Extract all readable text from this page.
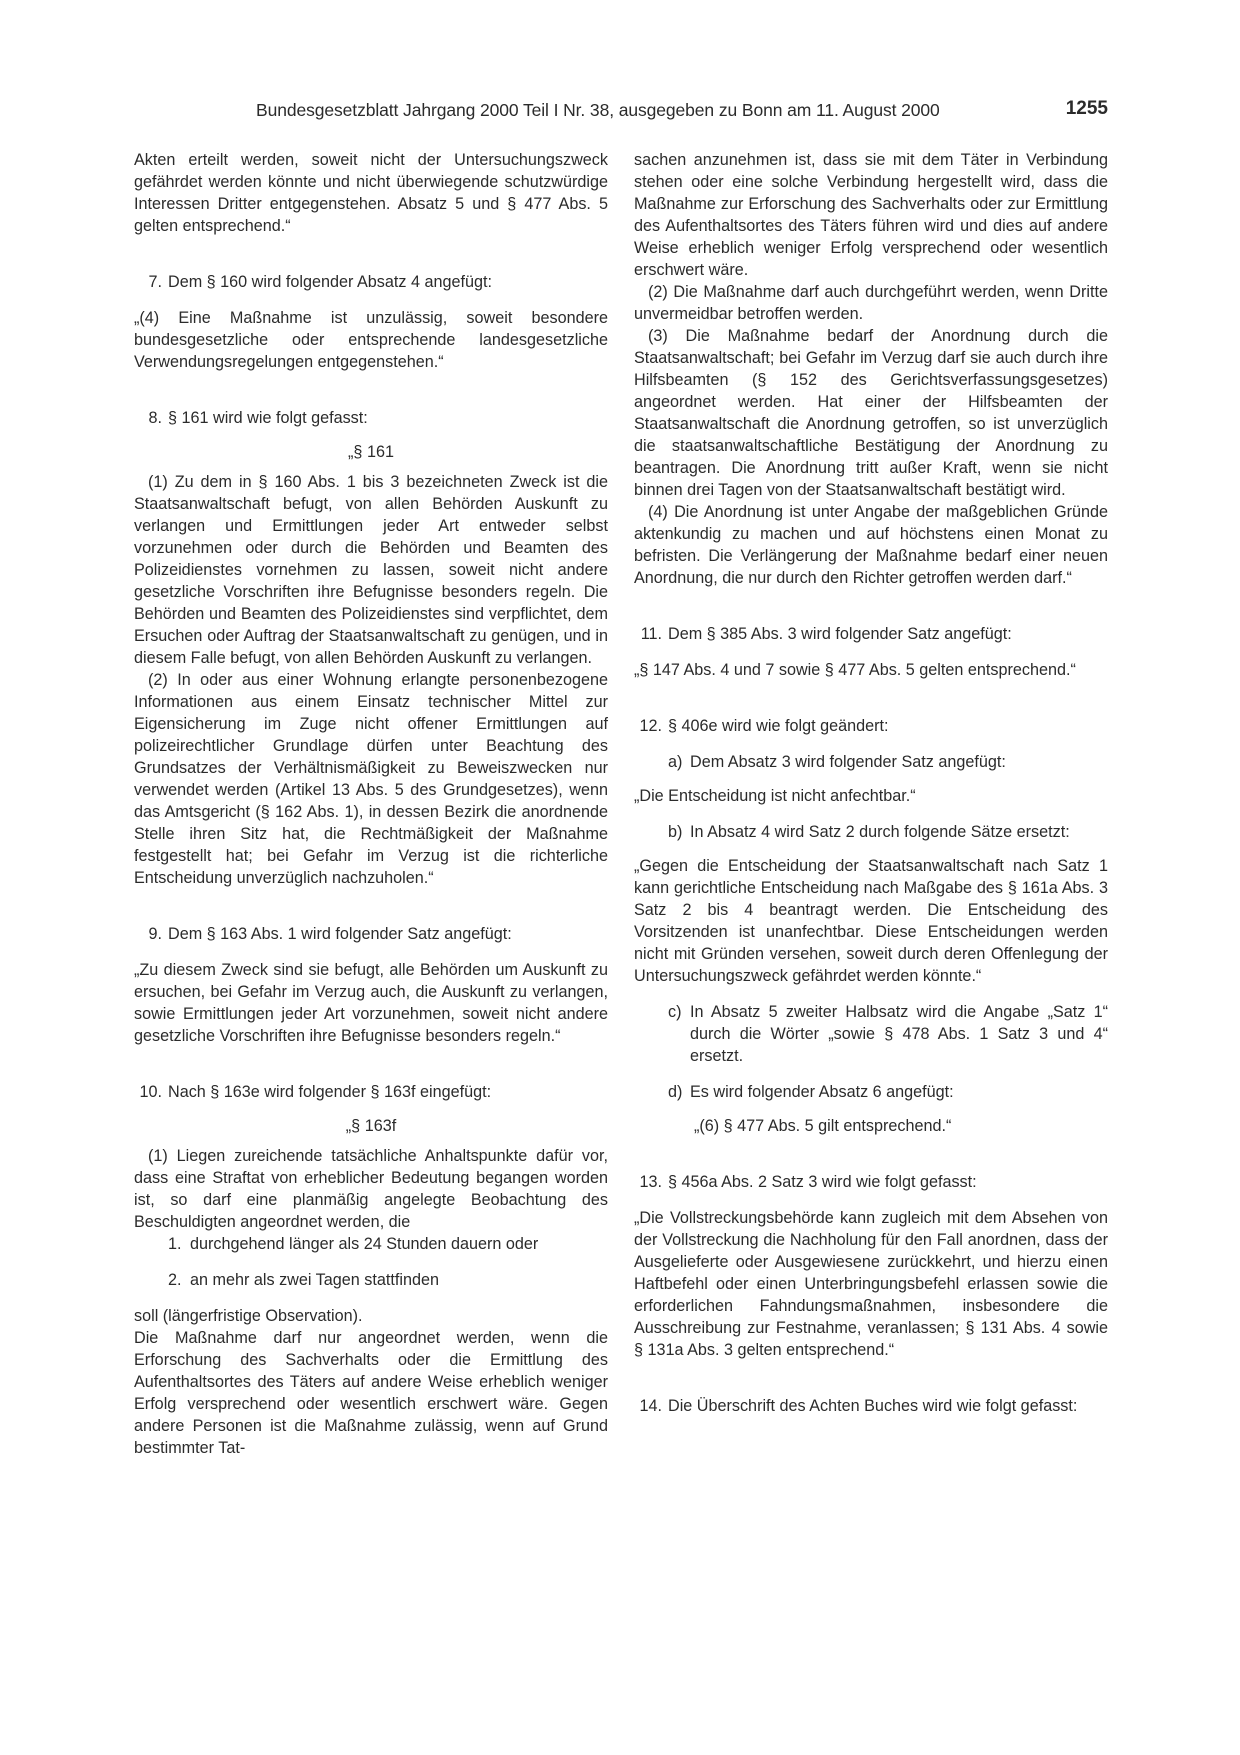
Bundesgesetzblatt Jahrgang 2000 Teil I Nr. 38, ausgegeben zu Bonn am 11. August 2000	1255

Akten erteilt werden, soweit nicht der Untersuchungszweck gefährdet werden könnte und nicht überwiegende schutzwürdige Interessen Dritter entgegenstehen. Absatz 5 und § 477 Abs. 5 gelten entsprechend.“

7. Dem § 160 wird folgender Absatz 4 angefügt:

„(4) Eine Maßnahme ist unzulässig, soweit besondere bundesgesetzliche oder entsprechende landesgesetzliche Verwendungsregelungen entgegenstehen.“

8. § 161 wird wie folgt gefasst:

„§ 161

(1) Zu dem in § 160 Abs. 1 bis 3 bezeichneten Zweck ist die Staatsanwaltschaft befugt, von allen Behörden Auskunft zu verlangen und Ermittlungen jeder Art entweder selbst vorzunehmen oder durch die Behörden und Beamten des Polizeidienstes vornehmen zu lassen, soweit nicht andere gesetzliche Vorschriften ihre Befugnisse besonders regeln. Die Behörden und Beamten des Polizeidienstes sind verpflichtet, dem Ersuchen oder Auftrag der Staatsanwaltschaft zu genügen, und in diesem Falle befugt, von allen Behörden Auskunft zu verlangen.

(2) In oder aus einer Wohnung erlangte personenbezogene Informationen aus einem Einsatz technischer Mittel zur Eigensicherung im Zuge nicht offener Ermittlungen auf polizeirechtlicher Grundlage dürfen unter Beachtung des Grundsatzes der Verhältnismäßigkeit zu Beweiszwecken nur verwendet werden (Artikel 13 Abs. 5 des Grundgesetzes), wenn das Amtsgericht (§ 162 Abs. 1), in dessen Bezirk die anordnende Stelle ihren Sitz hat, die Rechtmäßigkeit der Maßnahme festgestellt hat; bei Gefahr im Verzug ist die richterliche Entscheidung unverzüglich nachzuholen.“

9. Dem § 163 Abs. 1 wird folgender Satz angefügt:

„Zu diesem Zweck sind sie befugt, alle Behörden um Auskunft zu ersuchen, bei Gefahr im Verzug auch, die Auskunft zu verlangen, sowie Ermittlungen jeder Art vorzunehmen, soweit nicht andere gesetzliche Vorschriften ihre Befugnisse besonders regeln.“

10. Nach § 163e wird folgender § 163f eingefügt:

„§ 163f

(1) Liegen zureichende tatsächliche Anhaltspunkte dafür vor, dass eine Straftat von erheblicher Bedeutung begangen worden ist, so darf eine planmäßig angelegte Beobachtung des Beschuldigten angeordnet werden, die

1. durchgehend länger als 24 Stunden dauern oder

2. an mehr als zwei Tagen stattfinden

soll (längerfristige Observation).

Die Maßnahme darf nur angeordnet werden, wenn die Erforschung des Sachverhalts oder die Ermittlung des Aufenthaltsortes des Täters auf andere Weise erheblich weniger Erfolg versprechend oder wesentlich erschwert wäre. Gegen andere Personen ist die Maßnahme zulässig, wenn auf Grund bestimmter Tat-

sachen anzunehmen ist, dass sie mit dem Täter in Verbindung stehen oder eine solche Verbindung hergestellt wird, dass die Maßnahme zur Erforschung des Sachverhalts oder zur Ermittlung des Aufenthaltsortes des Täters führen wird und dies auf andere Weise erheblich weniger Erfolg versprechend oder wesentlich erschwert wäre.

(2) Die Maßnahme darf auch durchgeführt werden, wenn Dritte unvermeidbar betroffen werden.

(3) Die Maßnahme bedarf der Anordnung durch die Staatsanwaltschaft; bei Gefahr im Verzug darf sie auch durch ihre Hilfsbeamten (§ 152 des Gerichtsverfassungsgesetzes) angeordnet werden. Hat einer der Hilfsbeamten der Staatsanwaltschaft die Anordnung getroffen, so ist unverzüglich die staatsanwaltschaftliche Bestätigung der Anordnung zu beantragen. Die Anordnung tritt außer Kraft, wenn sie nicht binnen drei Tagen von der Staatsanwaltschaft bestätigt wird.

(4) Die Anordnung ist unter Angabe der maßgeblichen Gründe aktenkundig zu machen und auf höchstens einen Monat zu befristen. Die Verlängerung der Maßnahme bedarf einer neuen Anordnung, die nur durch den Richter getroffen werden darf.“

11. Dem § 385 Abs. 3 wird folgender Satz angefügt:

„§ 147 Abs. 4 und 7 sowie § 477 Abs. 5 gelten entsprechend.“

12. § 406e wird wie folgt geändert:

a) Dem Absatz 3 wird folgender Satz angefügt:

„Die Entscheidung ist nicht anfechtbar.“

b) In Absatz 4 wird Satz 2 durch folgende Sätze ersetzt:

„Gegen die Entscheidung der Staatsanwaltschaft nach Satz 1 kann gerichtliche Entscheidung nach Maßgabe des § 161a Abs. 3 Satz 2 bis 4 beantragt werden. Die Entscheidung des Vorsitzenden ist unanfechtbar. Diese Entscheidungen werden nicht mit Gründen versehen, soweit durch deren Offenlegung der Untersuchungszweck gefährdet werden könnte.“

c) In Absatz 5 zweiter Halbsatz wird die Angabe „Satz 1“ durch die Wörter „sowie § 478 Abs. 1 Satz 3 und 4“ ersetzt.

d) Es wird folgender Absatz 6 angefügt:

„(6) § 477 Abs. 5 gilt entsprechend.“

13. § 456a Abs. 2 Satz 3 wird wie folgt gefasst:

„Die Vollstreckungsbehörde kann zugleich mit dem Absehen von der Vollstreckung die Nachholung für den Fall anordnen, dass der Ausgelieferte oder Ausgewiesene zurückkehrt, und hierzu einen Haftbefehl oder einen Unterbringungsbefehl erlassen sowie die erforderlichen Fahndungsmaßnahmen, insbesondere die Ausschreibung zur Festnahme, veranlassen; § 131 Abs. 4 sowie § 131a Abs. 3 gelten entsprechend.“

14. Die Überschrift des Achten Buches wird wie folgt gefasst:
